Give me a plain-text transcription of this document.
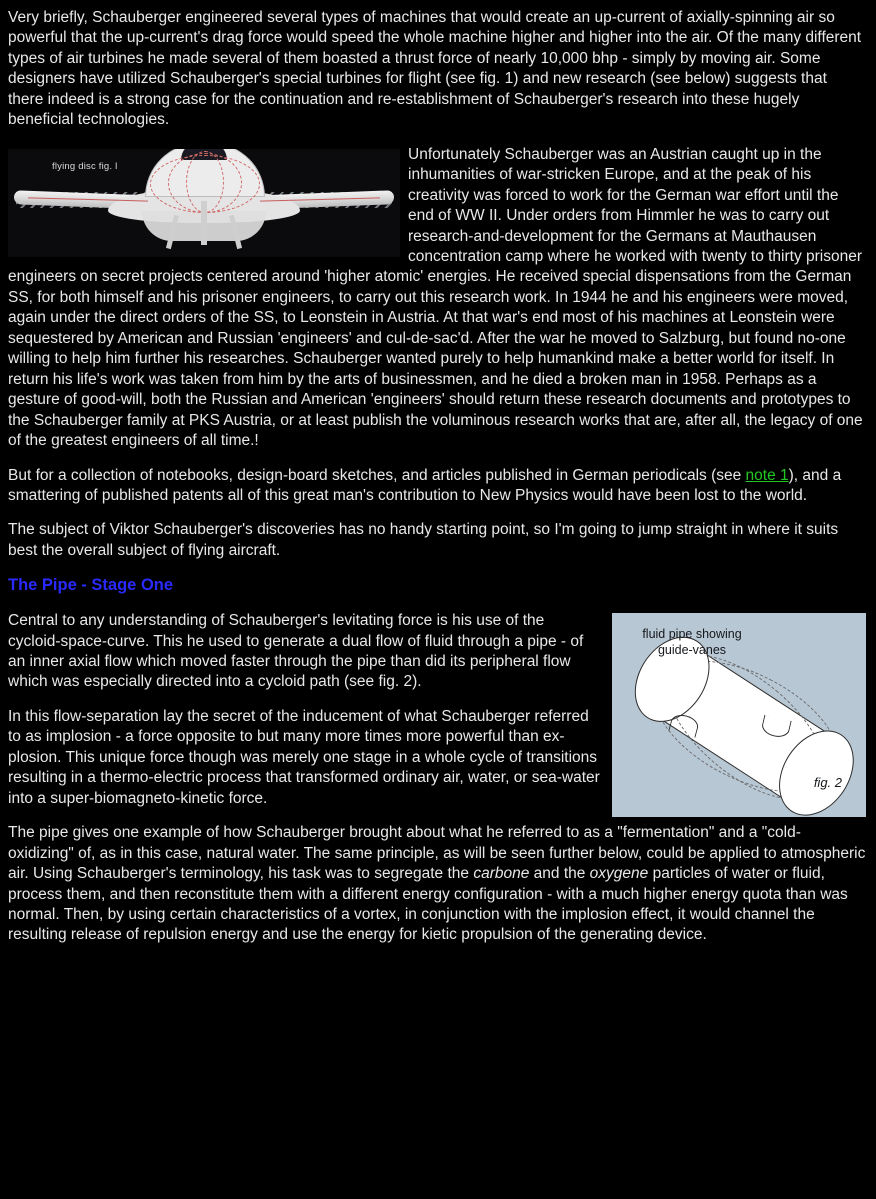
Very briefly, Schauberger engineered several types of machines that would create an up-current of axially-spinning air so powerful that the up-current's drag force would speed the whole machine higher and higher into the air. Of the many different types of air turbines he made several of them boasted a thrust force of nearly 10,000 bhp - simply by moving air. Some designers have utilized Schauberger's special turbines for flight (see fig. 1) and new research (see below) suggests that there indeed is a strong case for the continuation and re-establishment of Schauberger's research into these hugely beneficial technologies.

flying disc fig. l

Unfortunately Schauberger was an Austrian caught up in the inhumanities of war-stricken Europe, and at the peak of his creativity was forced to work for the German war effort until the end of WW II. Under orders from Himmler he was to carry out research-and-development for the Germans at Mauthausen concentration camp where he worked with twenty to thirty prisoner engineers on secret projects centered around 'higher atomic' energies. He received special dispensations from the German SS, for both himself and his prisoner engineers, to carry out this research work. In 1944 he and his engineers were moved, again under the direct orders of the SS, to Leonstein in Austria. At that war's end most of his machines at Leonstein were sequestered by American and Russian 'engineers' and cul-de-sac'd. After the war he moved to Salzburg, but found no-one willing to help him further his researches. Schauberger wanted purely to help humankind make a better world for itself. In return his life's work was taken from him by the arts of businessmen, and he died a broken man in 1958. Perhaps as a gesture of good-will, both the Russian and American 'engineers' should return these research documents and prototypes to the Schauberger family at PKS Austria, or at least publish the voluminous research works that are, after all, the legacy of one of the greatest engineers of all time.!

But for a collection of notebooks, design-board sketches, and articles published in German periodicals (see note 1), and a smattering of published patents all of this great man's contribution to New Physics would have been lost to the world.

The subject of Viktor Schauberger's discoveries has no handy starting point, so I'm going to jump straight in where it suits best the overall subject of flying aircraft.

The Pipe - Stage One
fluid pipe showing guide-vanes
fig. 2

Central to any understanding of Schauberger's levitating force is his use of the cycloid-space-curve. This he used to generate a dual flow of fluid through a pipe - of an inner axial flow which moved faster through the pipe than did its peripheral flow which was especially directed into a cycloid path (see fig. 2).

In this flow-separation lay the secret of the inducement of what Schauberger referred to as implosion - a force opposite to but many more times more powerful than ex-plosion. This unique force though was merely one stage in a whole cycle of transitions resulting in a thermo-electric process that transformed ordinary air, water, or sea-water into a super-biomagneto-kinetic force.

The pipe gives one example of how Schauberger brought about what he referred to as a "fermentation" and a "cold-oxidizing" of, as in this case, natural water. The same principle, as will be seen further below, could be applied to atmospheric air. Using Schauberger's terminology, his task was to segregate the carbone and the oxygene particles of water or fluid, process them, and then reconstitute them with a different energy configuration - with a much higher energy quota than was normal. Then, by using certain characteristics of a vortex, in conjunction with the implosion effect, it would channel the resulting release of repulsion energy and use the energy for kietic propulsion of the generating device.
